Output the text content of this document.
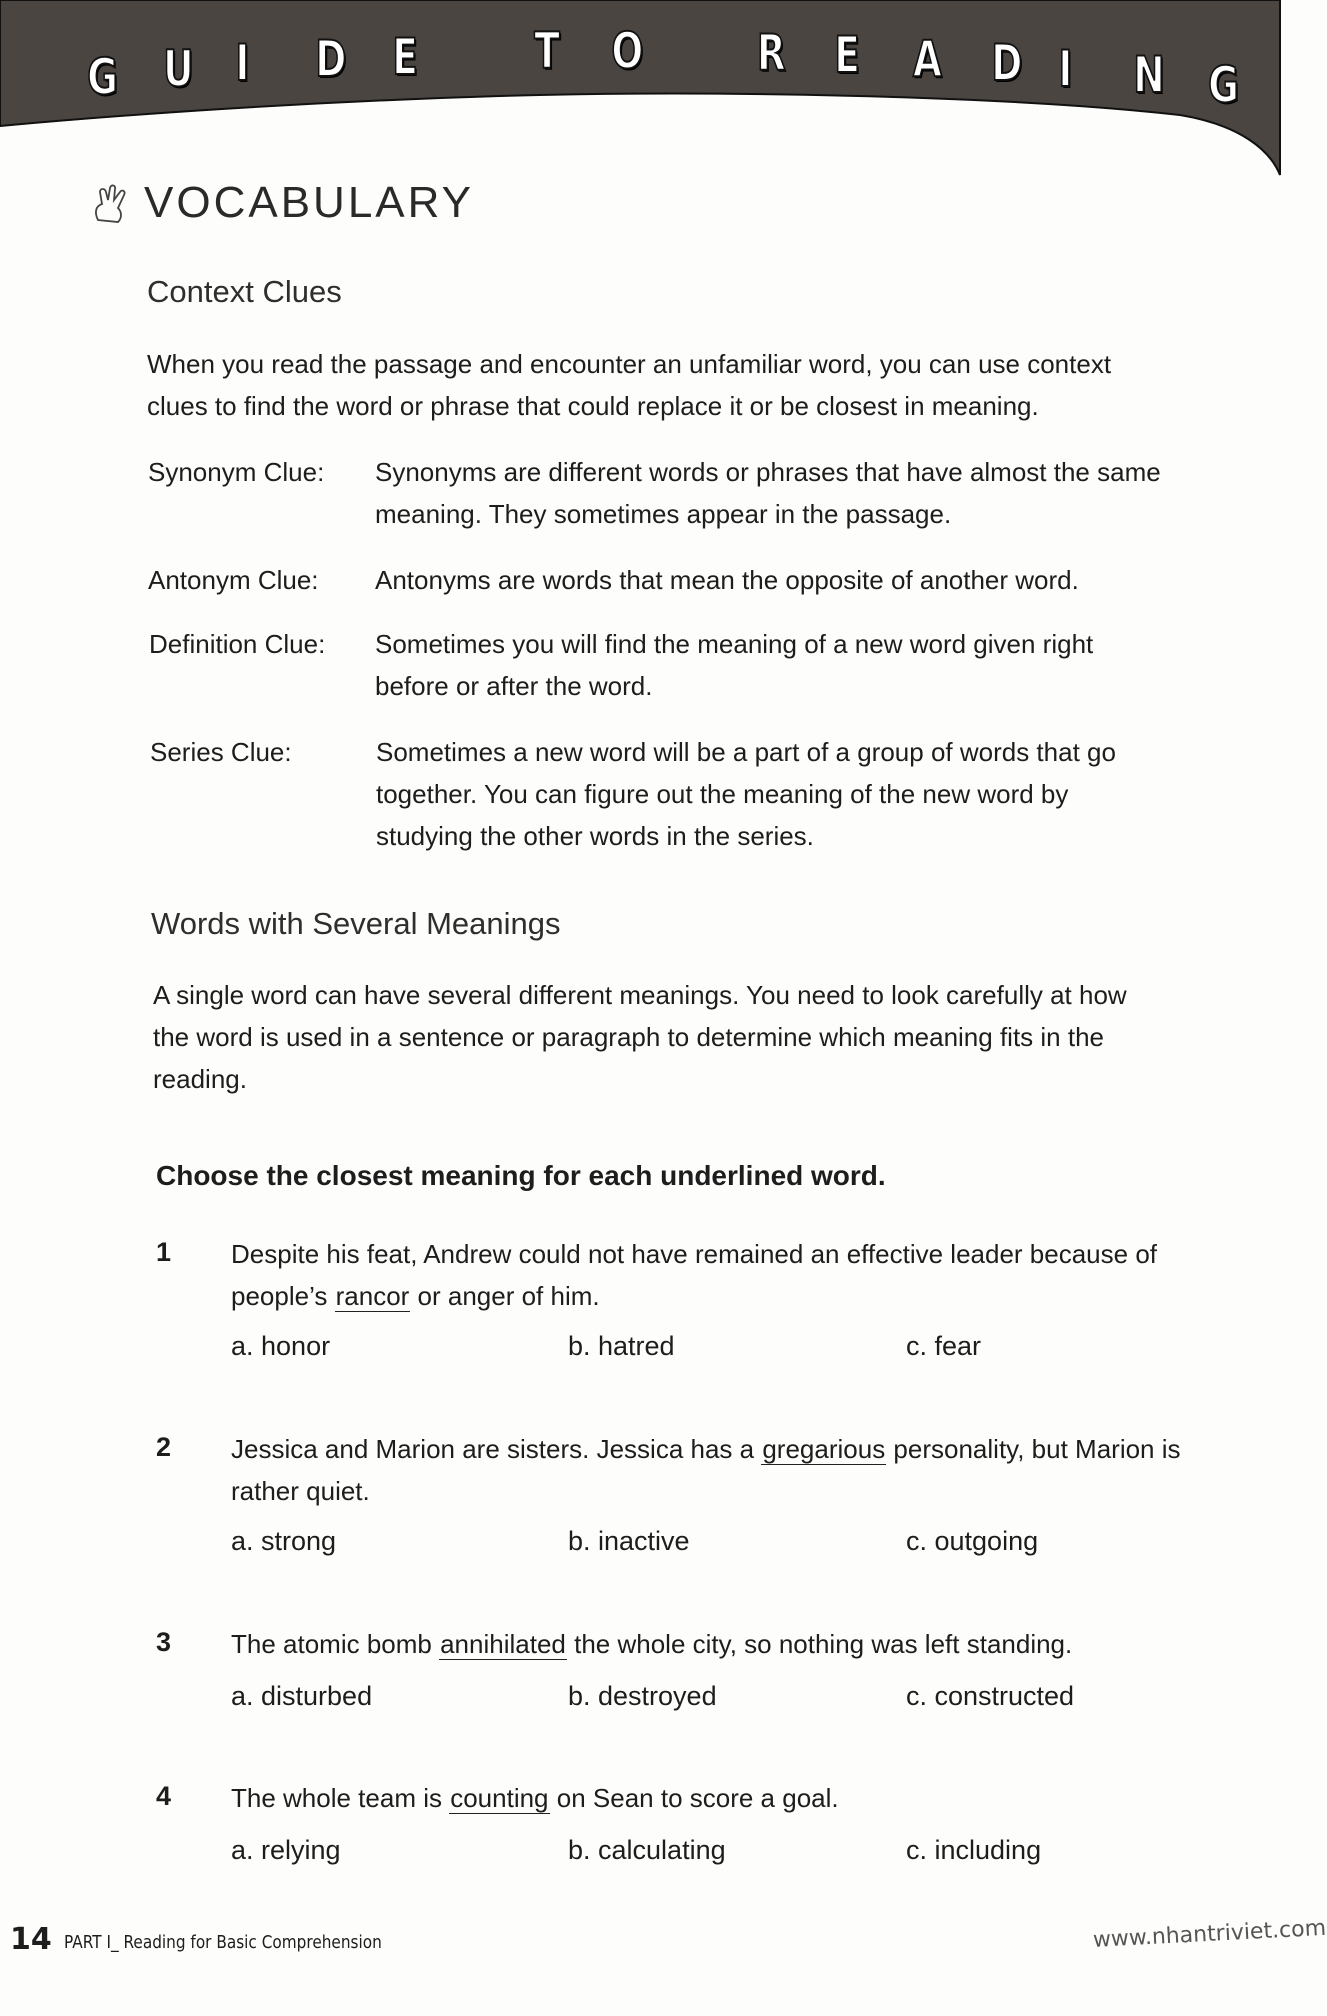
G U I D E T O R E A D I N G
VOCABULARY
Context Clues
When you read the passage and encounter an unfamiliar word, you can use context
clues to find the word or phrase that could replace it or be closest in meaning.
Synonym Clue:	Synonyms are different words or phrases that have almost the same
meaning. They sometimes appear in the passage.
Antonym Clue:	Antonyms are words that mean the opposite of another word.
Definition Clue:	Sometimes you will find the meaning of a new word given right
before or after the word.
Series Clue:	Sometimes a new word will be a part of a group of words that go
together. You can figure out the meaning of the new word by
studying the other words in the series.
Words with Several Meanings
A single word can have several different meanings. You need to look carefully at how
the word is used in a sentence or paragraph to determine which meaning fits in the
reading.
Choose the closest meaning for each underlined word.
1 Despite his feat, Andrew could not have remained an effective leader because of people’s rancor or anger of him.
a. honor	b. hatred	c. fear
2 Jessica and Marion are sisters. Jessica has a gregarious personality, but Marion is rather quiet.
a. strong	b. inactive	c. outgoing
3 The atomic bomb annihilated the whole city, so nothing was left standing.
a. disturbed	b. destroyed	c. constructed
4 The whole team is counting on Sean to score a goal.
a. relying	b. calculating	c. including
14 PART I_ Reading for Basic Comprehension	www.nhantriviet.com
